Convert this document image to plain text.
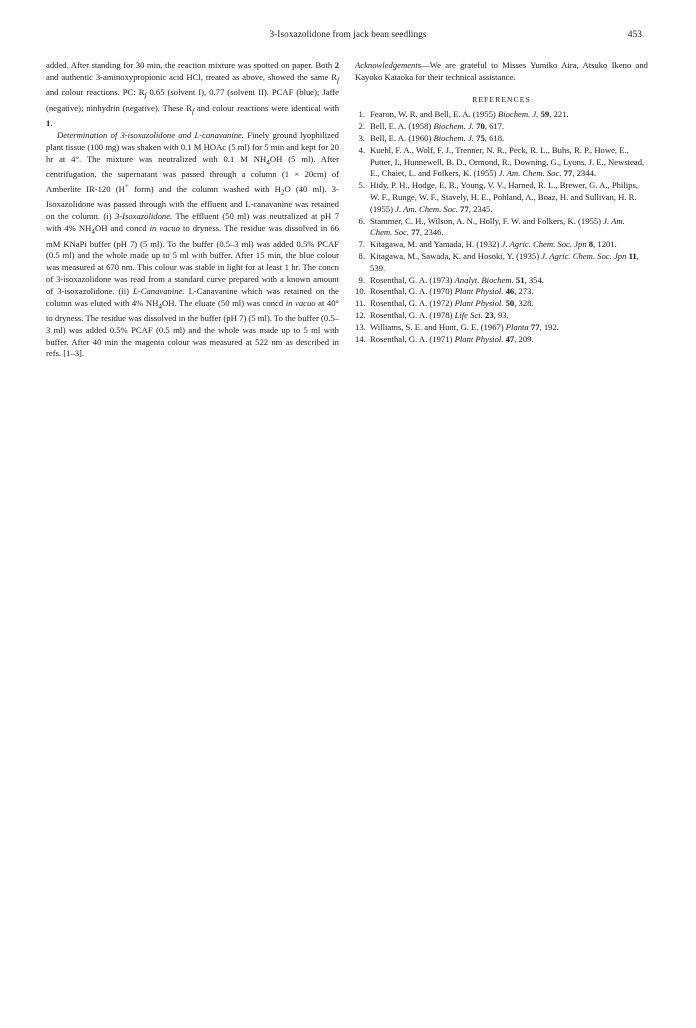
3-Isoxazolidone from jack bean seedlings	453

added. After standing for 30 min, the reaction mixture was spotted on paper. Both 2 and authentic 3-aminoxypropionic acid HCl, treated as above, showed the same $R_f$ and colour reactions. PC: $R_f$ 0.65 (solvent I), 0.77 (solvent II). PCAF (blue); Jaffe (negative); ninhydrin (negative). These $R_f$ and colour reactions were identical with 1.

Determination of 3-isoxazolidone and L-canavanine. Finely ground lyophilized plant tissue (100 mg) was shaken with 0.1 M HOAc (5 ml) for 5 min and kept for 20 hr at 4°. The mixture was neutralized with 0.1 M $NH_4OH$ (5 ml). After centrifugation, the supernatant was passed through a column (1 × 20cm) of Amberlite IR-120 (H+ form) and the column washed with $H_2O$ (40 ml). 3-Isoxazolidone was passed through with the effluent and L-canavanine was retained on the column. (i) 3-Isoxazolidone. The effluent (50 ml) was neutralized at pH 7 with 4% $NH_4OH$ and concd in vacuo to dryness. The residue was dissolved in 66 mM KNaPi buffer (pH 7) (5 ml). To the buffer (0.5–3 ml) was added 0.5% PCAF (0.5 ml) and the whole made up to 5 ml with buffer. After 15 min, the blue colour was measured at 670 nm. This colour was stable in light for at least 1 hr. The concn of 3-isoxazolidone was read from a standard curve prepared with a known amount of 3-isoxazolidone. (ii) L-Canavanine. L-Canavanine which was retained on the column was eluted with 4% $NH_4OH$. The eluate (50 ml) was concd in vacuo at 40° to dryness. The residue was dissolved in the buffer (pH 7) (5 ml). To the buffer (0.5–3 ml) was added 0.5% PCAF (0.5 ml) and the whole was made up to 5 ml with buffer. After 40 min the magenta colour was measured at 522 nm as described in refs. [1–3].

Acknowledgements—We are grateful to Misses Yumiko Aira, Atsuko Ikeno and Kayoko Kataoka for their technical assistance.

REFERENCES
1. Fearon, W. R. and Bell, E. A. (1955) Biochem. J. 59, 221.
2. Bell, E. A. (1958) Biochem. J. 70, 617.
3. Bell, E. A. (1960) Biochem. J. 75, 618.
4. Kuehl, F. A., Wolf, F. J., Trenner, N. R., Peck, R. L., Buhs, R. P., Howe, E., Putter, I., Hunnewell, B. D., Ormond, R., Downing, G., Lyons, J. E., Newstead, E., Chaiet, L. and Folkers, K. (1955) J. Am. Chem. Soc. 77, 2344.
5. Hidy, P. H., Hodge, E. B., Young, V. V., Harned, R. L., Brewer, G. A., Philips, W. F., Runge, W. F., Stavely, H. E., Pohland, A., Boaz, H. and Sullivan, H. R. (1955) J. Am. Chem. Soc. 77, 2345.
6. Stammer, C. H., Wilson, A. N., Holly, F. W. and Folkers, K. (1955) J. Am. Chem. Soc. 77, 2346.
7. Kitagawa, M. and Yamada, H. (1932) J. Agric. Chem. Soc. Jpn 8, 1201.
8. Kitagawa, M., Sawada, K. and Hosoki, Y. (1935) J. Agric. Chem. Soc. Jpn 11, 539.
9. Rosenthal, G. A. (1973) Analyt. Biochem. 51, 354.
10. Rosenthal, G. A. (1970) Plant Physiol. 46, 273.
11. Rosenthal, G. A. (1972) Plant Physiol. 50, 328.
12. Rosenthal, G. A. (1978) Life Sci. 23, 93.
13. Williams, S. E. and Hunt, G. E. (1967) Planta 77, 192.
14. Rosenthal, G. A. (1971) Plant Physiol. 47, 209.
